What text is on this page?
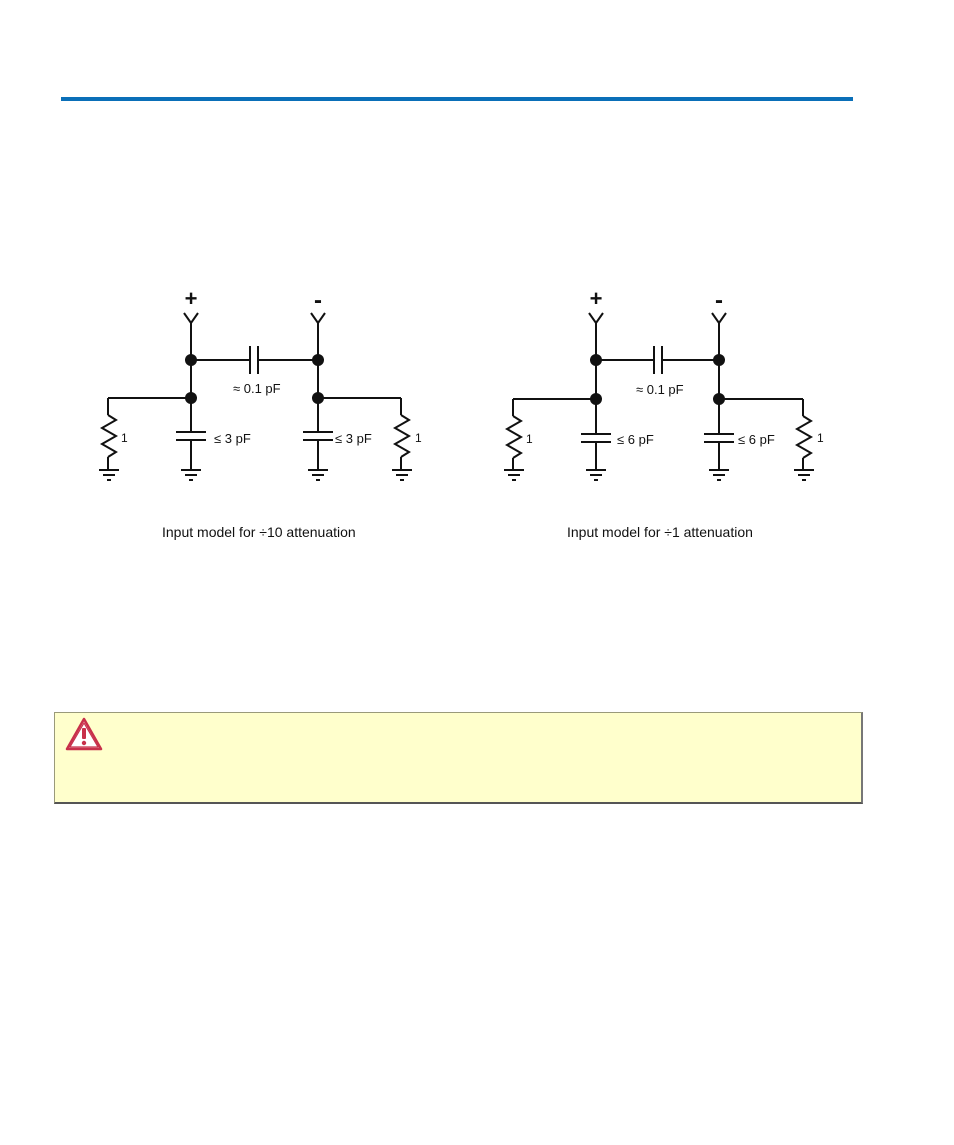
+	-
≈ 0.1 pF
≤ 3 pF	≤ 3 pF
1	1
+	-
≈ 0.1 pF
≤ 6 pF	≤ 6 pF
1	1
Input model for ÷10 attenuation	Input model for ÷1 attenuation
